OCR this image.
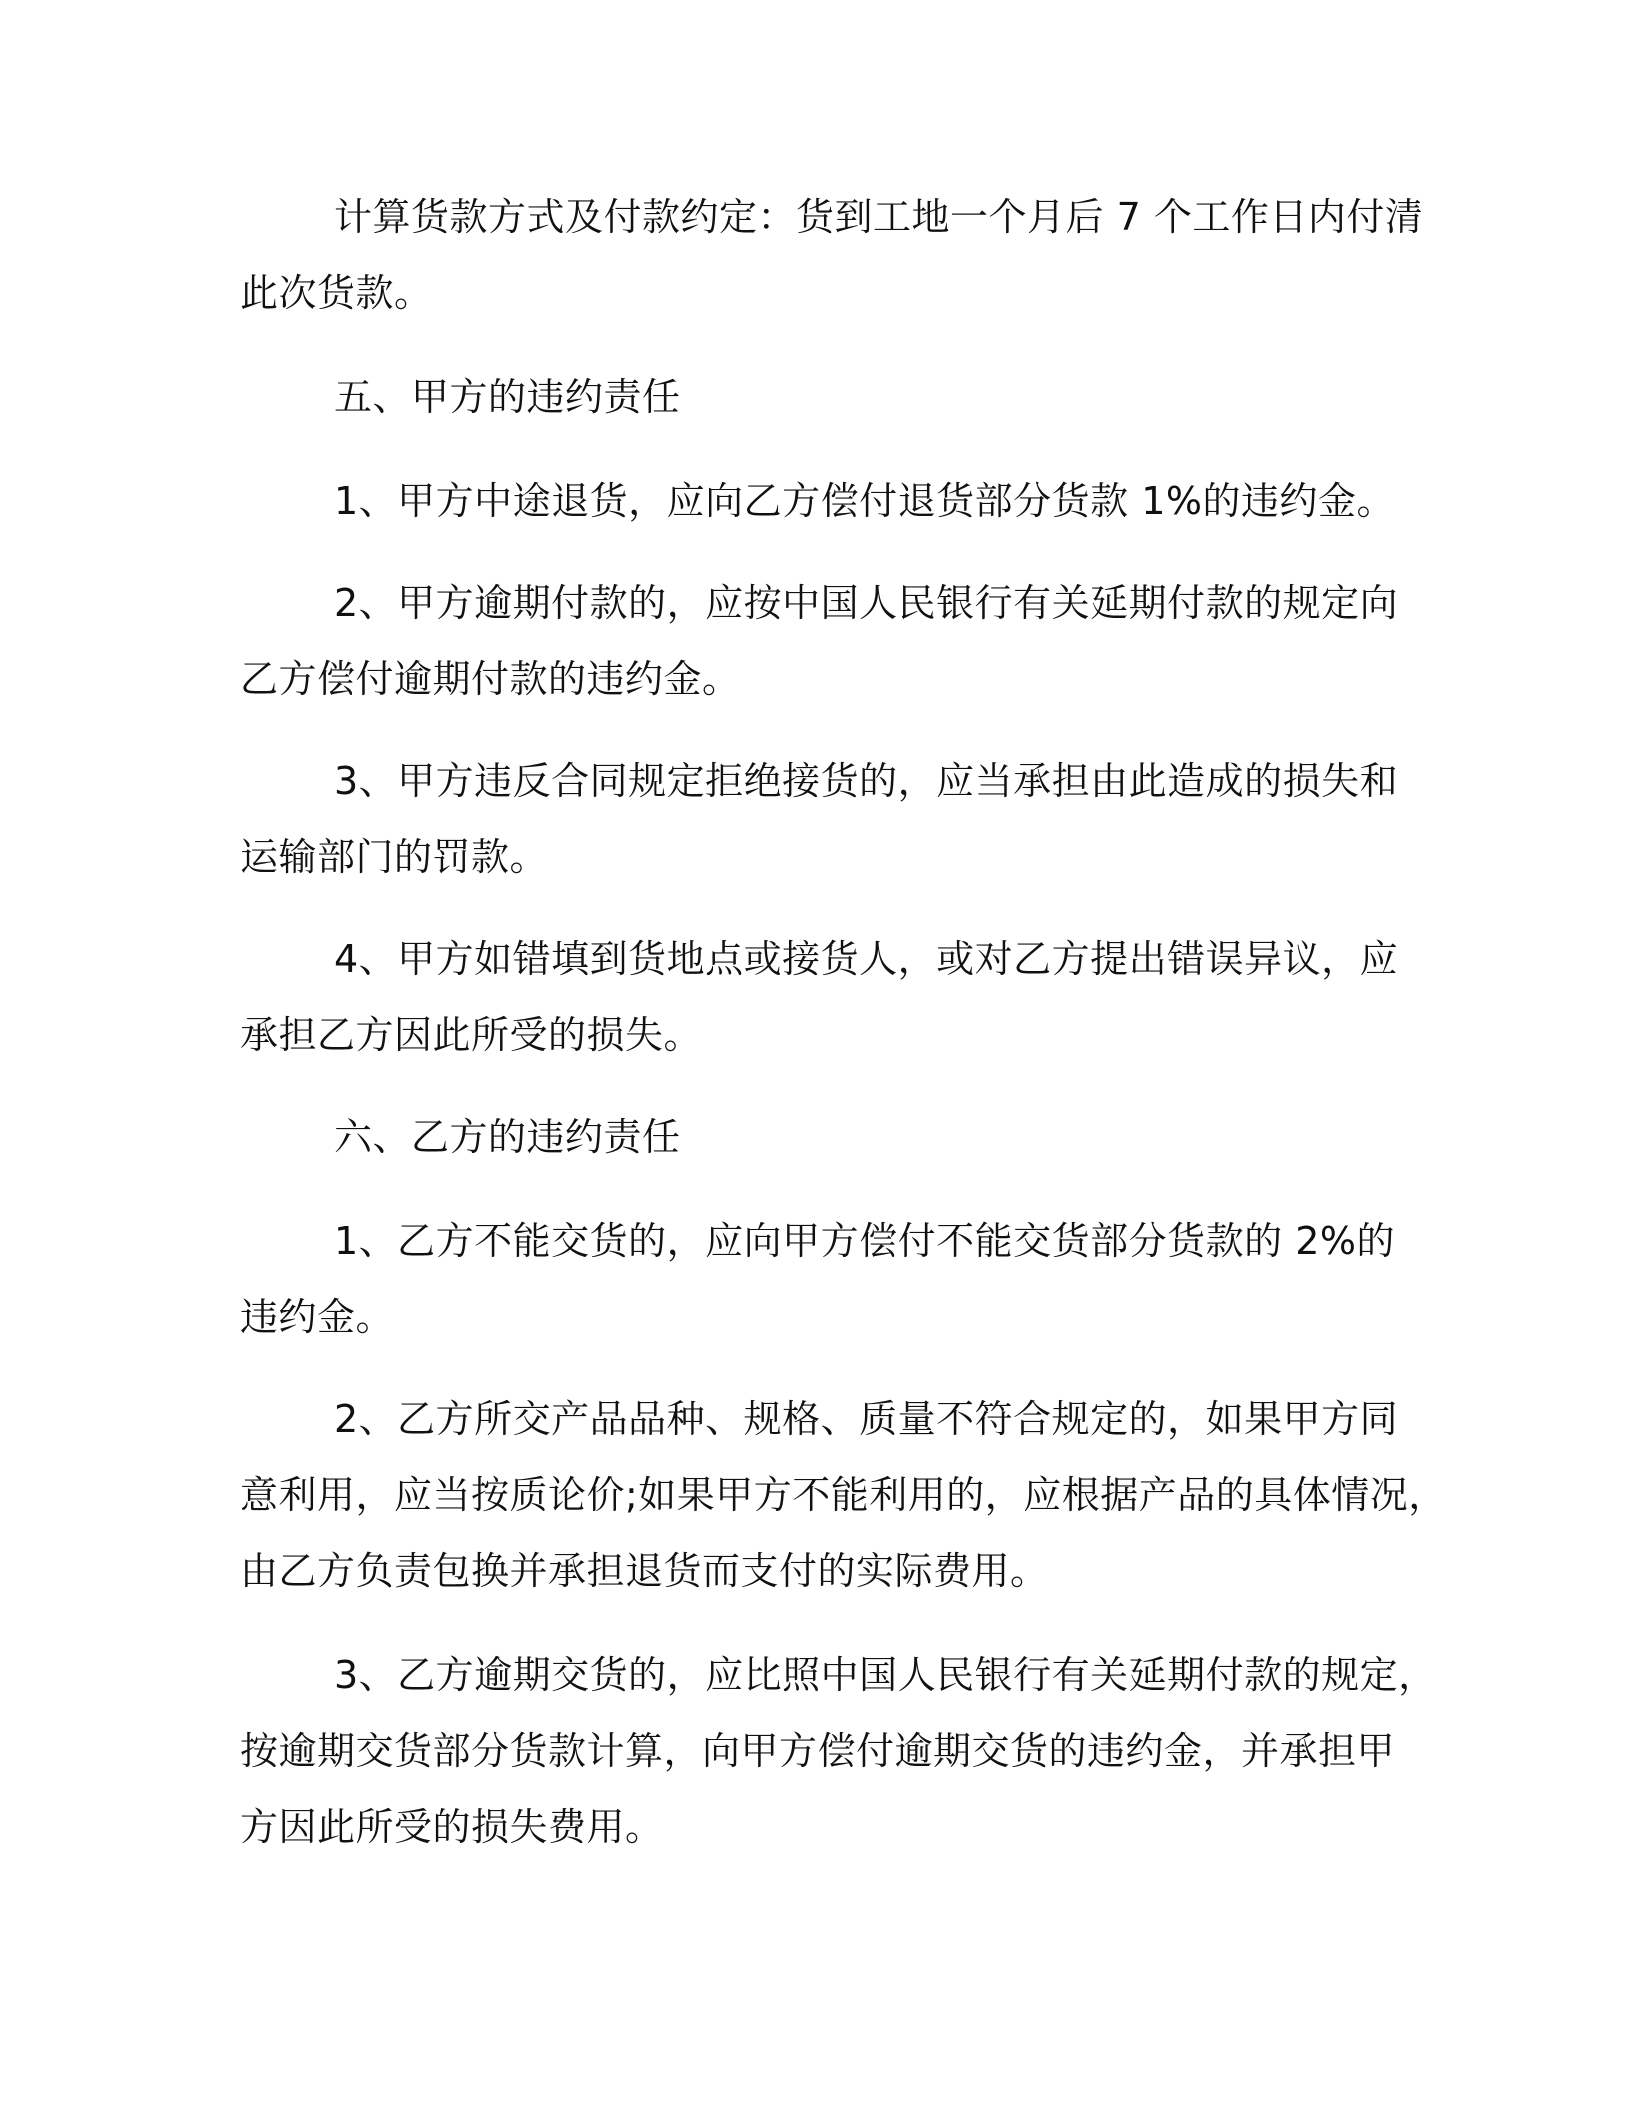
计算货款方式及付款约定：货到工地一个月后 7 个工作日内付清
此次货款。
五、甲方的违约责任
1、甲方中途退货，应向乙方偿付退货部分货款 1%的违约金。
2、甲方逾期付款的，应按中国人民银行有关延期付款的规定向
乙方偿付逾期付款的违约金。
3、甲方违反合同规定拒绝接货的，应当承担由此造成的损失和
运输部门的罚款。
4、甲方如错填到货地点或接货人，或对乙方提出错误异议，应
承担乙方因此所受的损失。
六、乙方的违约责任
1、乙方不能交货的，应向甲方偿付不能交货部分货款的 2%的
违约金。
2、乙方所交产品品种、规格、质量不符合规定的，如果甲方同
意利用，应当按质论价;如果甲方不能利用的，应根据产品的具体情况，
由乙方负责包换并承担退货而支付的实际费用。
3、乙方逾期交货的，应比照中国人民银行有关延期付款的规定，
按逾期交货部分货款计算，向甲方偿付逾期交货的违约金，并承担甲
方因此所受的损失费用。
